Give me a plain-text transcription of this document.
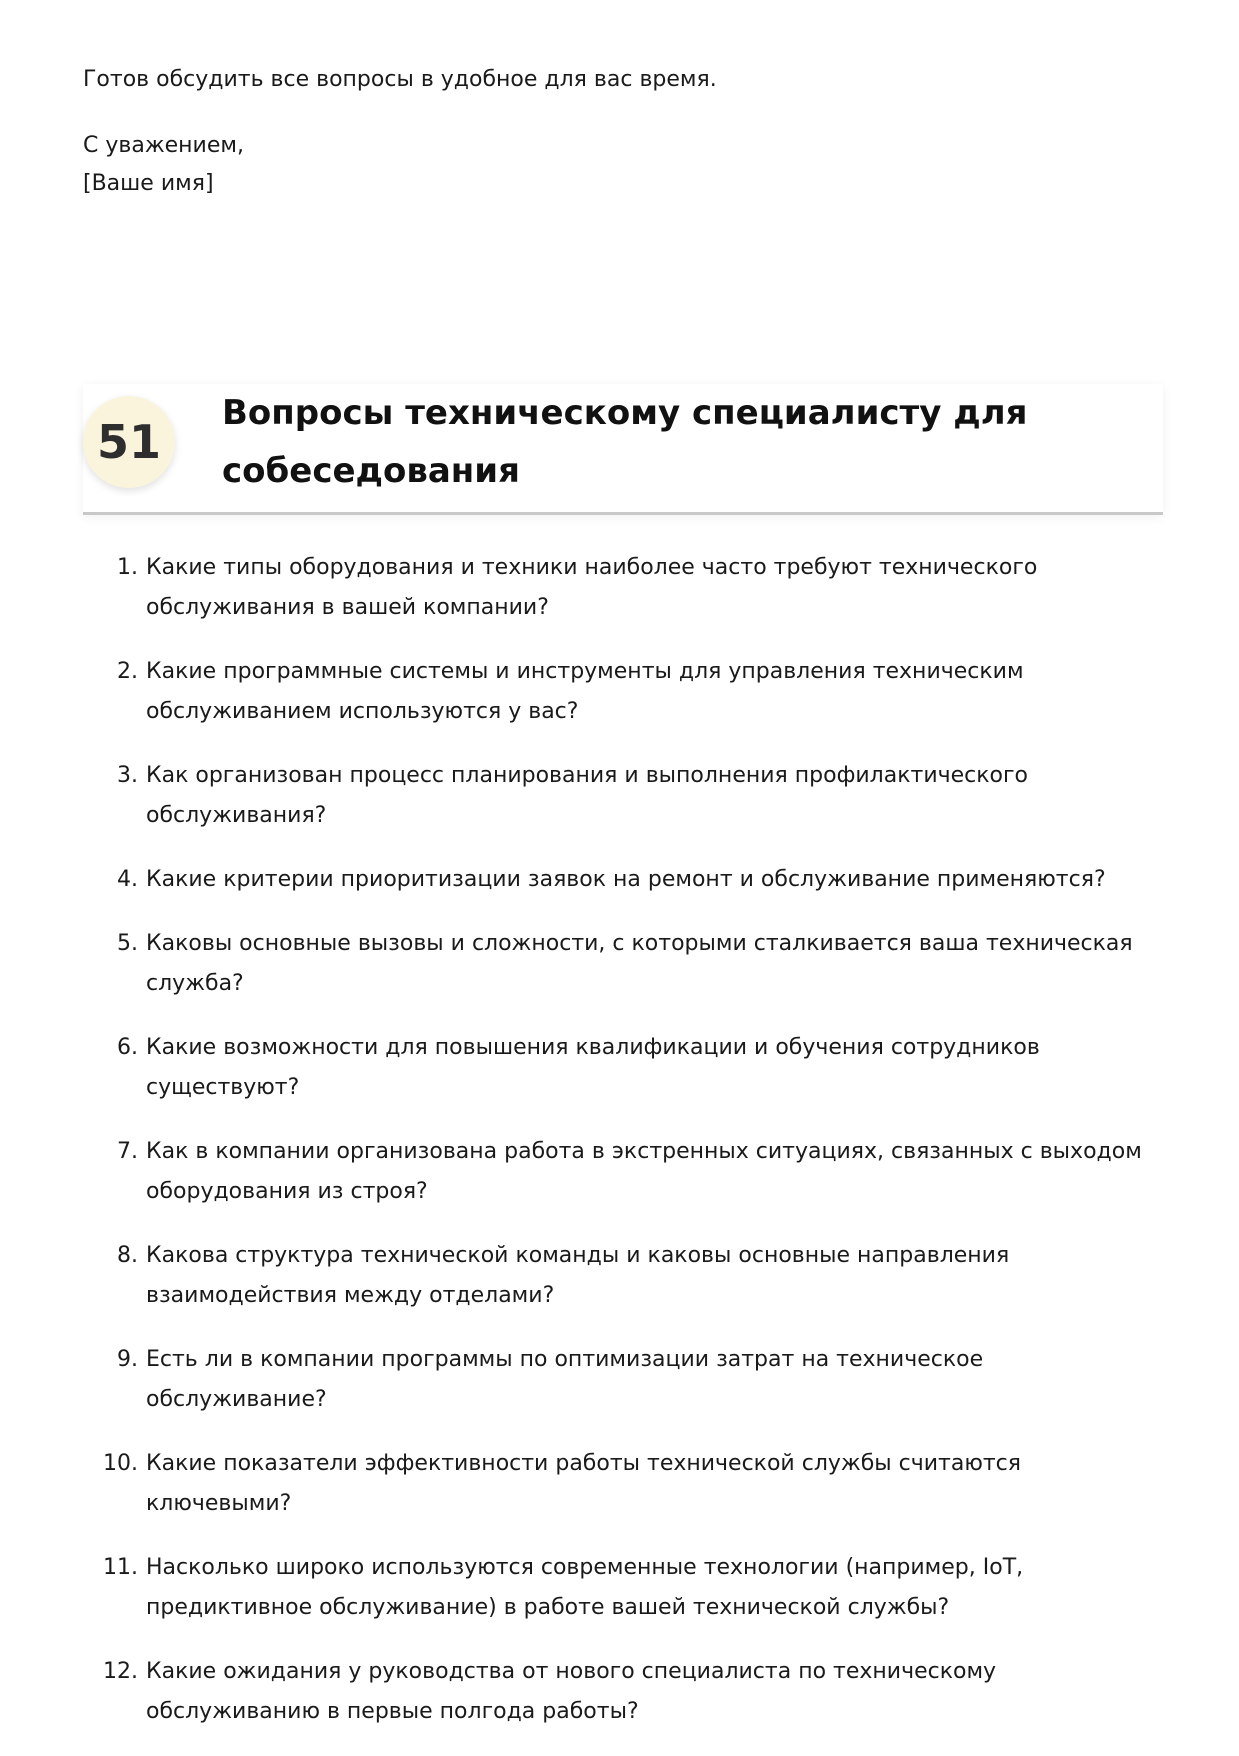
Готов обсудить все вопросы в удобное для вас время.
С уважением,
[Ваше имя]
51
Вопросы техническому специалисту для собеседования
1. Какие типы оборудования и техники наиболее часто требуют технического обслуживания в вашей компании?
2. Какие программные системы и инструменты для управления техническим обслуживанием используются у вас?
3. Как организован процесс планирования и выполнения профилактического обслуживания?
4. Какие критерии приоритизации заявок на ремонт и обслуживание применяются?
5. Каковы основные вызовы и сложности, с которыми сталкивается ваша техническая служба?
6. Какие возможности для повышения квалификации и обучения сотрудников существуют?
7. Как в компании организована работа в экстренных ситуациях, связанных с выходом оборудования из строя?
8. Какова структура технической команды и каковы основные направления взаимодействия между отделами?
9. Есть ли в компании программы по оптимизации затрат на техническое обслуживание?
10. Какие показатели эффективности работы технической службы считаются ключевыми?
11. Насколько широко используются современные технологии (например, IoT, предиктивное обслуживание) в работе вашей технической службы?
12. Какие ожидания у руководства от нового специалиста по техническому обслуживанию в первые полгода работы?
